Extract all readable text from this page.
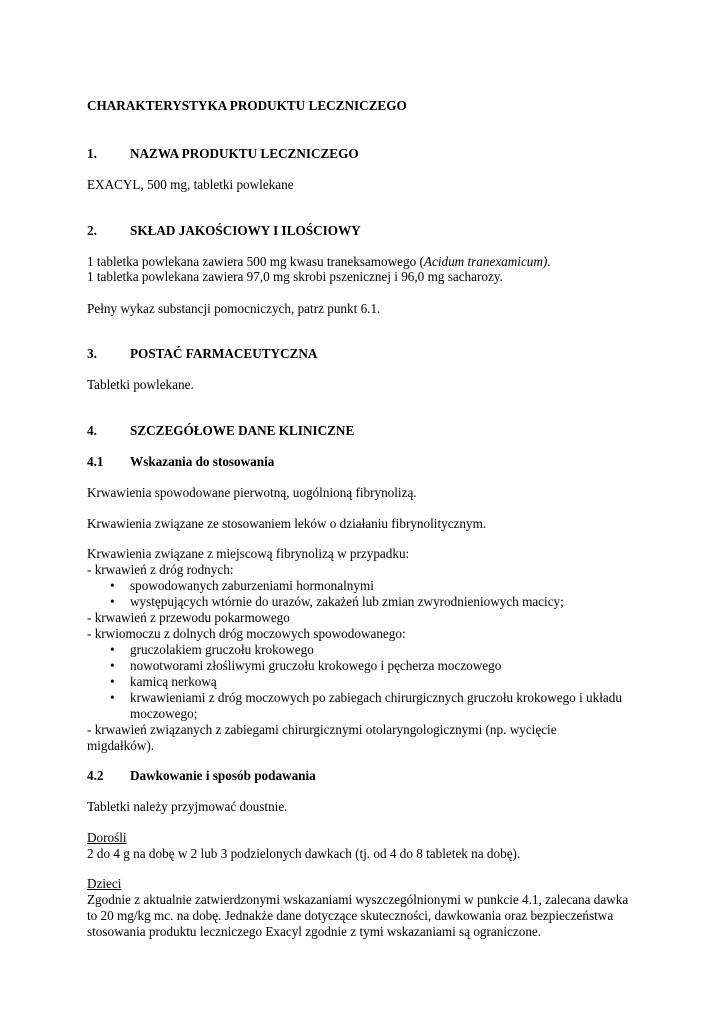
CHARAKTERYSTYKA PRODUKTU LECZNICZEGO

1.	NAZWA PRODUKTU LECZNICZEGO

EXACYL, 500 mg, tabletki powlekane

2.	SKŁAD JAKOŚCIOWY I ILOŚCIOWY

1 tabletka powlekana zawiera 500 mg kwasu traneksamowego (Acidum tranexamicum).

1 tabletka powlekana zawiera 97,0 mg skrobi pszenicznej i 96,0 mg sacharozy.

Pełny wykaz substancji pomocniczych, patrz punkt 6.1.

3.	POSTAĆ FARMACEUTYCZNA

Tabletki powlekane.

4.	SZCZEGÓŁOWE DANE KLINICZNE
4.1 Wskazania do stosowania

Krwawienia spowodowane pierwotną, uogólnioną fibrynolizą.

Krwawienia związane ze stosowaniem leków o działaniu fibrynolitycznym.

Krwawienia związane z miejscową fibrynolizą w przypadku:

- krwawień z dróg rodnych:

• spowodowanych zaburzeniami hormonalnymi
• występujących wtórnie do urazów, zakażeń lub zmian zwyrodnieniowych macicy;

- krwawień z przewodu pokarmowego

- krwiomoczu z dolnych dróg moczowych spowodowanego:

• gruczolakiem gruczołu krokowego
• nowotworami złośliwymi gruczołu krokowego i pęcherza moczowego
• kamicą nerkową
• krwawieniami z dróg moczowych po zabiegach chirurgicznych gruczołu krokowego i układu
moczowego;

- krwawień związanych z zabiegami chirurgicznymi otolaryngologicznymi (np. wycięcie

migdałków).

4.2 Dawkowanie i sposób podawania

Tabletki należy przyjmować doustnie.

Dorośli

2 do 4 g na dobę w 2 lub 3 podzielonych dawkach (tj. od 4 do 8 tabletek na dobę).

Dzieci

Zgodnie z aktualnie zatwierdzonymi wskazaniami wyszczególnionymi w punkcie 4.1, zalecana dawka

to 20 mg/kg mc. na dobę. Jednakże dane dotyczące skuteczności, dawkowania oraz bezpieczeństwa

stosowania produktu leczniczego Exacyl zgodnie z tymi wskazaniami są ograniczone.
